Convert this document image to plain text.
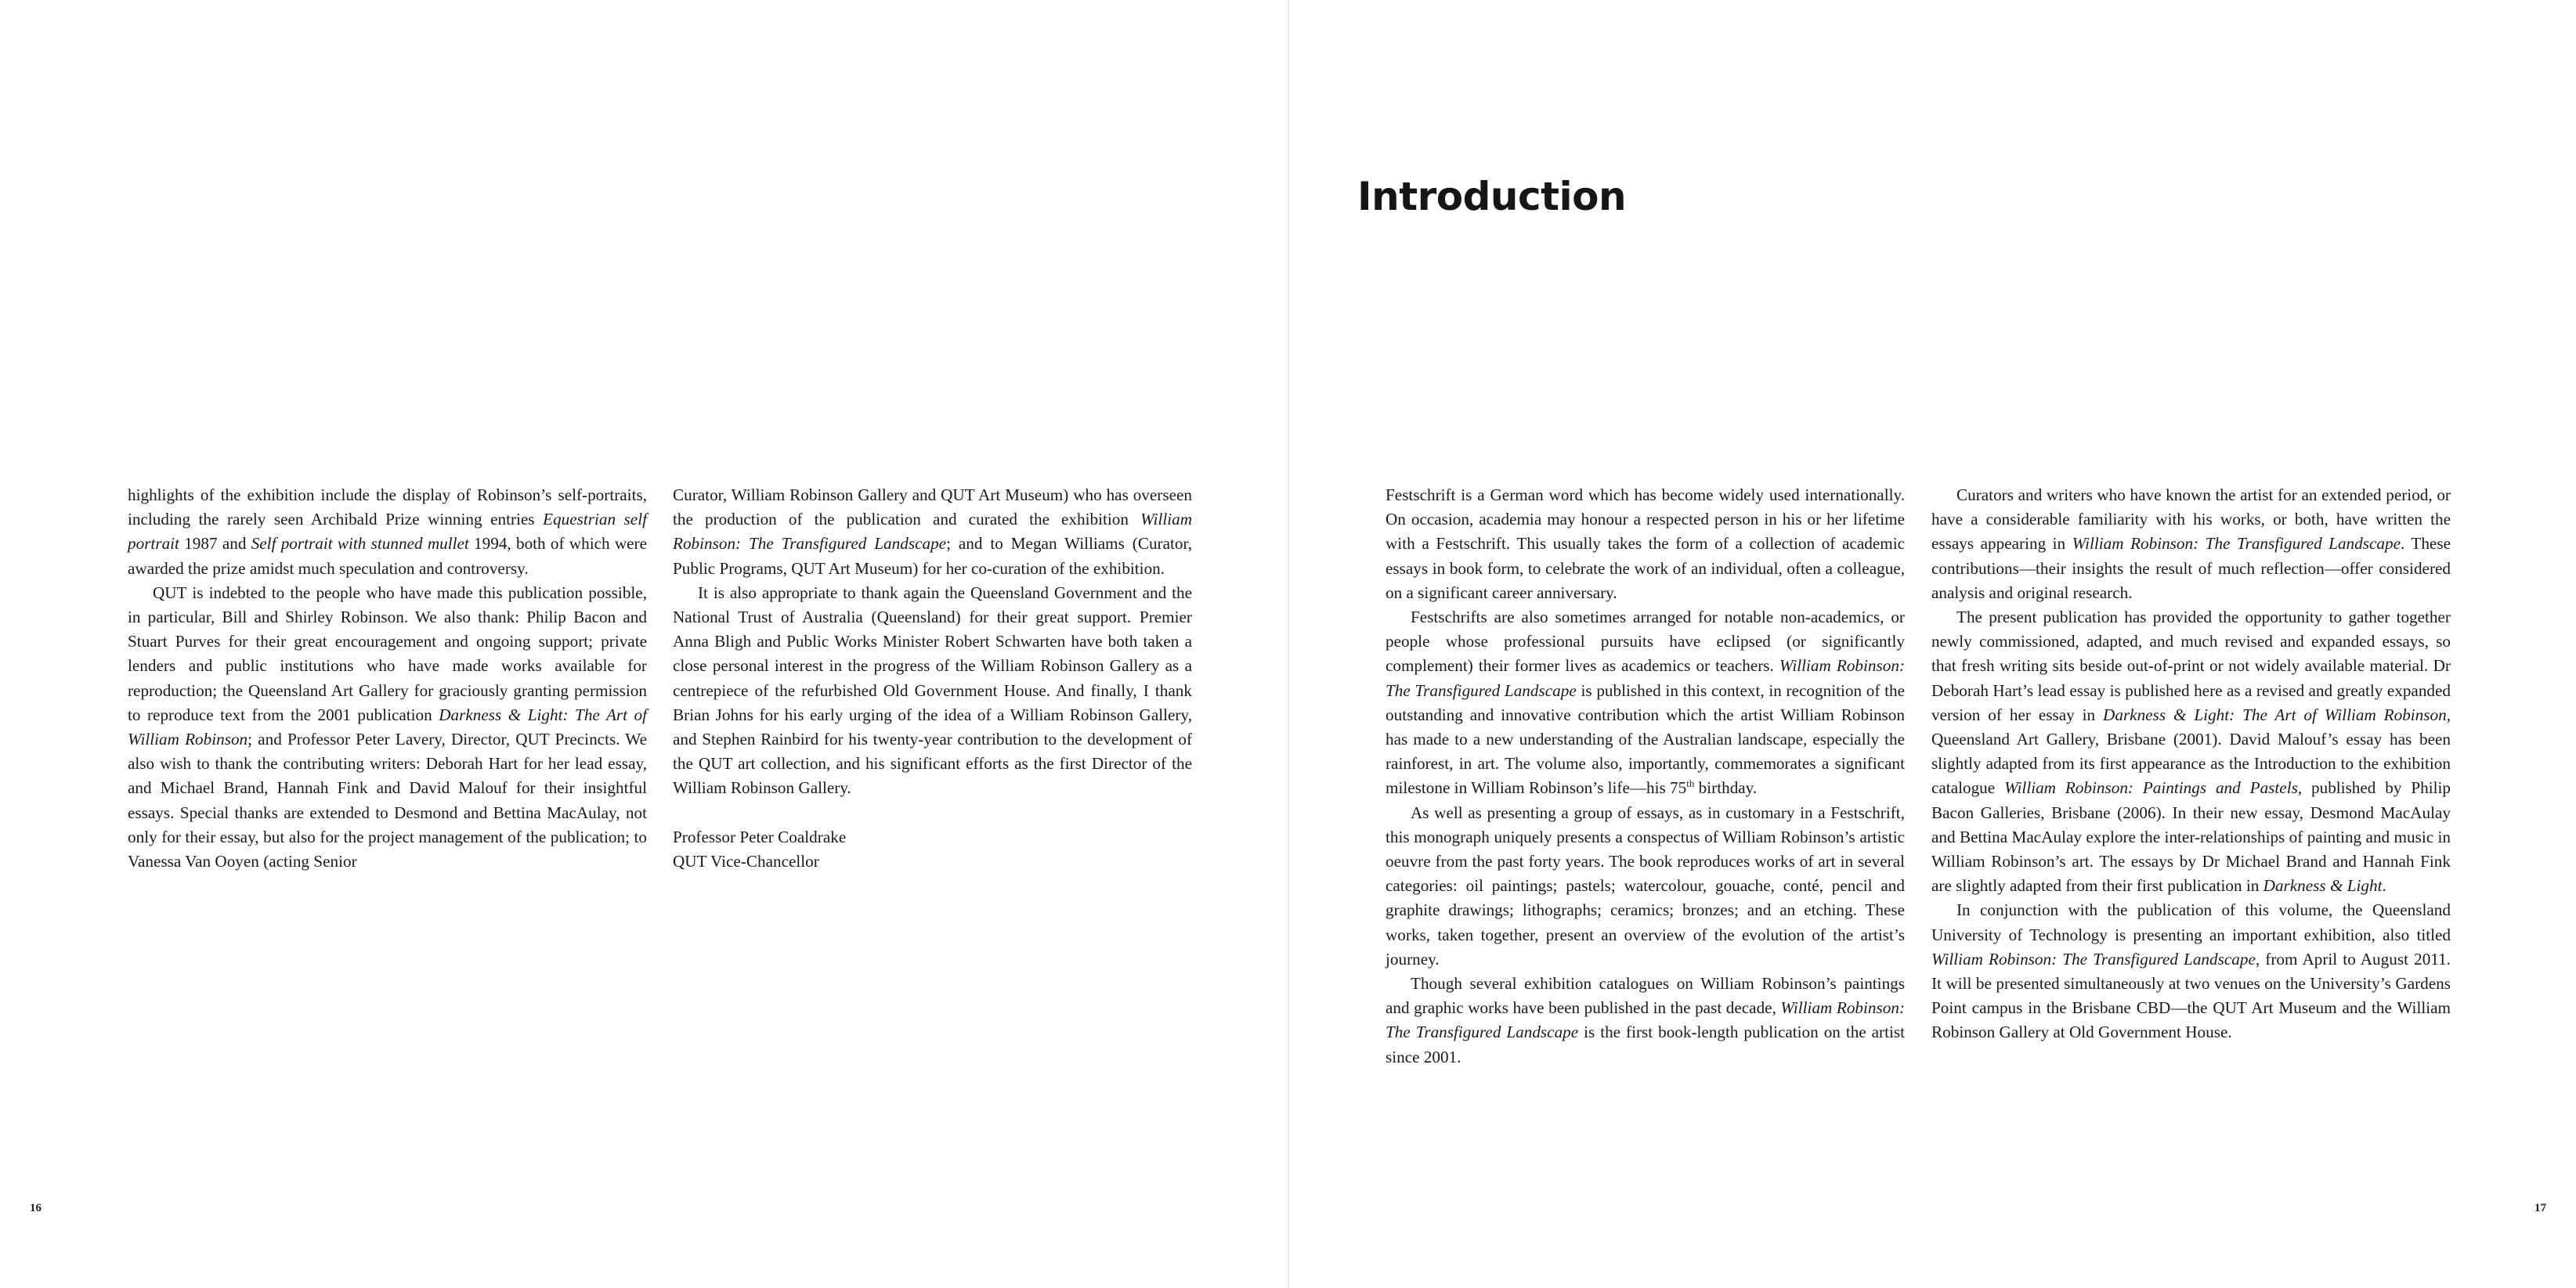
highlights of the exhibition include the display of Robinson’s self-portraits, including the rarely seen Archibald Prize winning entries Equestrian self portrait 1987 and Self portrait with stunned mullet 1994, both of which were awarded the prize amidst much speculation and controversy.

QUT is indebted to the people who have made this publication possible, in particular, Bill and Shirley Robinson. We also thank: Philip Bacon and Stuart Purves for their great encouragement and ongoing support; private lenders and public institutions who have made works available for reproduction; the Queensland Art Gallery for graciously granting permission to reproduce text from the 2001 publication Darkness & Light: The Art of William Robinson; and Professor Peter Lavery, Director, QUT Precincts. We also wish to thank the contributing writers: Deborah Hart for her lead essay, and Michael Brand, Hannah Fink and David Malouf for their insightful essays. Special thanks are extended to Desmond and Bettina MacAulay, not only for their essay, but also for the project management of the publication; to Vanessa Van Ooyen (acting Senior

Curator, William Robinson Gallery and QUT Art Museum) who has overseen the production of the publication and curated the exhibition William Robinson: The Transfigured Landscape; and to Megan Williams (Curator, Public Programs, QUT Art Museum) for her co-curation of the exhibition.

It is also appropriate to thank again the Queensland Government and the National Trust of Australia (Queensland) for their great support. Premier Anna Bligh and Public Works Minister Robert Schwarten have both taken a close personal interest in the progress of the William Robinson Gallery as a centrepiece of the refurbished Old Government House. And finally, I thank Brian Johns for his early urging of the idea of a William Robinson Gallery, and Stephen Rainbird for his twenty-year contribution to the development of the QUT art collection, and his significant efforts as the first Director of the William Robinson Gallery.

Professor Peter Coaldrake
QUT Vice-Chancellor

16
Introduction

Festschrift is a German word which has become widely used internationally. On occasion, academia may honour a respected person in his or her lifetime with a Festschrift. This usually takes the form of a collection of academic essays in book form, to celebrate the work of an individual, often a colleague, on a significant career anniversary.

Festschrifts are also sometimes arranged for notable non-academics, or people whose professional pursuits have eclipsed (or significantly complement) their former lives as academics or teachers. William Robinson: The Transfigured Landscape is published in this context, in recognition of the outstanding and innovative contribution which the artist William Robinson has made to a new understanding of the Australian landscape, especially the rainforest, in art. The volume also, importantly, commemorates a significant milestone in William Robinson’s life—his 75th birthday.

As well as presenting a group of essays, as in customary in a Festschrift, this monograph uniquely presents a conspectus of William Robinson’s artistic oeuvre from the past forty years. The book reproduces works of art in several categories: oil paintings; pastels; watercolour, gouache, conté, pencil and graphite drawings; lithographs; ceramics; bronzes; and an etching. These works, taken together, present an overview of the evolution of the artist’s journey.

Though several exhibition catalogues on William Robinson’s paintings and graphic works have been published in the past decade, William Robinson: The Transfigured Landscape is the first book-length publication on the artist since 2001.

Curators and writers who have known the artist for an extended period, or have a considerable familiarity with his works, or both, have written the essays appearing in William Robinson: The Transfigured Landscape. These contributions—their insights the result of much reflection—offer considered analysis and original research.

The present publication has provided the opportunity to gather together newly commissioned, adapted, and much revised and expanded essays, so that fresh writing sits beside out-of-print or not widely available material. Dr Deborah Hart’s lead essay is published here as a revised and greatly expanded version of her essay in Darkness & Light: The Art of William Robinson, Queensland Art Gallery, Brisbane (2001). David Malouf’s essay has been slightly adapted from its first appearance as the Introduction to the exhibition catalogue William Robinson: Paintings and Pastels, published by Philip Bacon Galleries, Brisbane (2006). In their new essay, Desmond MacAulay and Bettina MacAulay explore the inter-relationships of painting and music in William Robinson’s art. The essays by Dr Michael Brand and Hannah Fink are slightly adapted from their first publication in Darkness & Light.

In conjunction with the publication of this volume, the Queensland University of Technology is presenting an important exhibition, also titled William Robinson: The Transfigured Landscape, from April to August 2011. It will be presented simultaneously at two venues on the University’s Gardens Point campus in the Brisbane CBD—the QUT Art Museum and the William Robinson Gallery at Old Government House.

17
